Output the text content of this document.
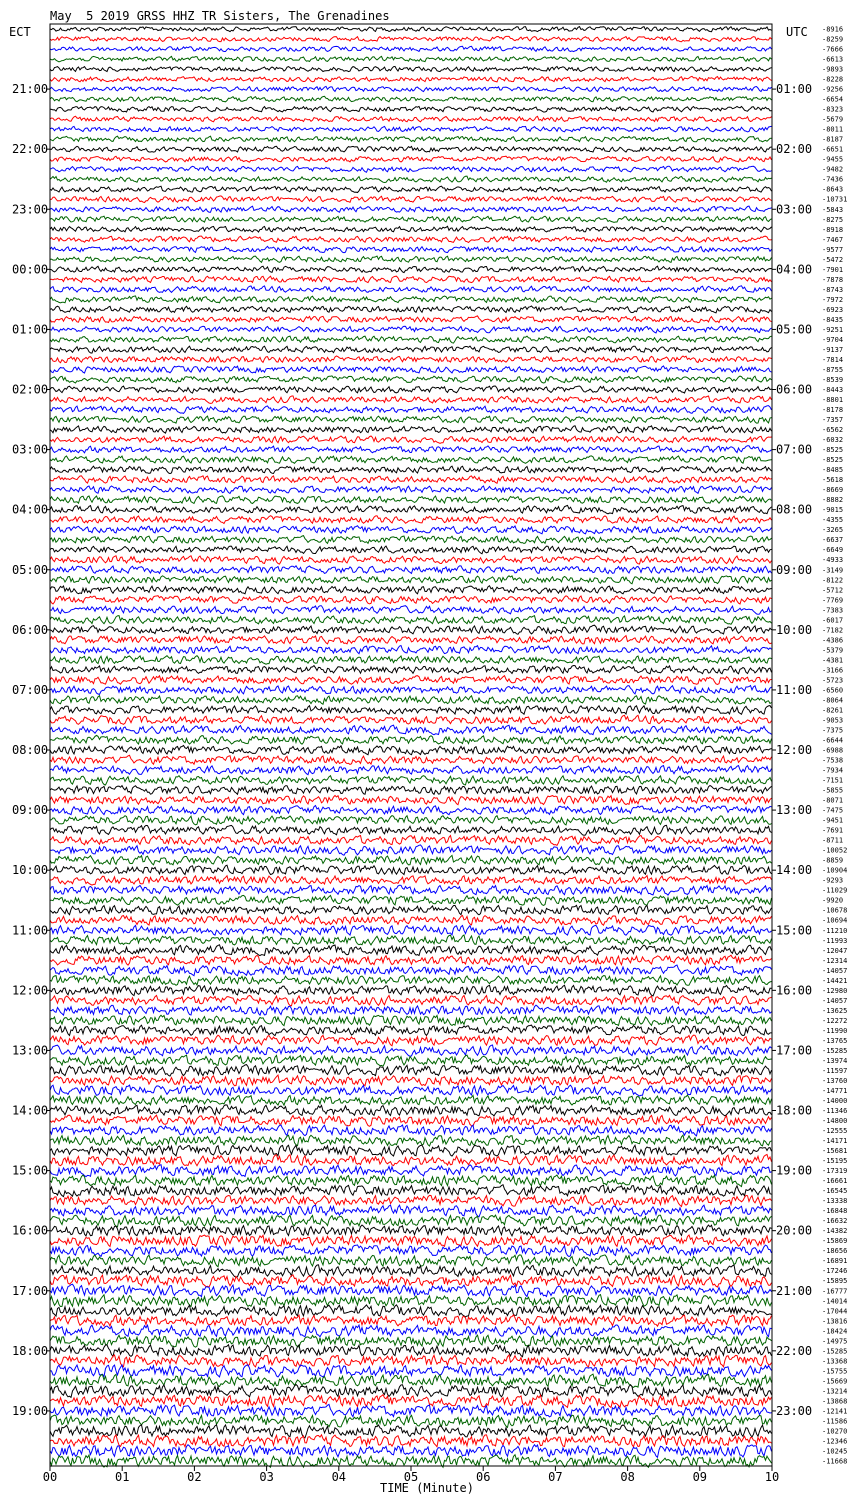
00	01	02	03	04	05	06	07	08	09	10
21:00	01:00
22:00	02:00
23:00	03:00
00:00	04:00
01:00	05:00
02:00	06:00
03:00	07:00
04:00	08:00
05:00	09:00
06:00	10:00
07:00	11:00
08:00	12:00
09:00	13:00
10:00	14:00
11:00	15:00
12:00	16:00
13:00	17:00
14:00	18:00
15:00	19:00
16:00	20:00
17:00	21:00
18:00	22:00
19:00	23:00
-8916
-8259
-7666
-6613
-9893
-8228
-9256
-6654
-8323
-5679
-8011
-8187
-6651
-9455
-9482
-7436
-8643
-10731
-5843
-8275
-8918
-7467
-9577
-5472
-7901
-7878
-8743
-7972
-6923
-8435
-9251
-9704
-9137
-7814
-8755
-8539
-8443
-8801
-8178
-7357
-6562
-6032
-8525
-8525
-8485
-5618
-8669
-8882
-9015
-4355
-3265
-6637
-6649
-4933
-3149
-8122
-5712
-7769
-7383
-6017
-7182
-4386
-5379
-4381
-3166
-5723
-6560
-8064
-8261
-9053
-7375
-6644
-6988
-7538
-7934
-7151
-5855
-8071
-7475
-9451
-7691
-8711
-10052
-8859
-10904
-9293
-11029
-9920
-10678
-10694
-11210
-11993
-12047
-12314
-14057
-14421
-12980
-14057
-13625
-12272
-11990
-13765
-15285
-13974
-11597
-13760
-14771
-14000
-11346
-14800
-12555
-14171
-15681
-15195
-17319
-16661
-16545
-13338
-16848
-16632
-14382
-15869
-18656
-16891
-17246
-15895
-16777
-14014
-17044
-13816
-18424
-14975
-15285
-13368
-15755
-15669
-13214
-13868
-12141
-11586
-10270
-12346
-10245
-11668
May  5 2019 GRSS HHZ TR Sisters, The Grenadines
ECT	UTC
TIME (Minute)
